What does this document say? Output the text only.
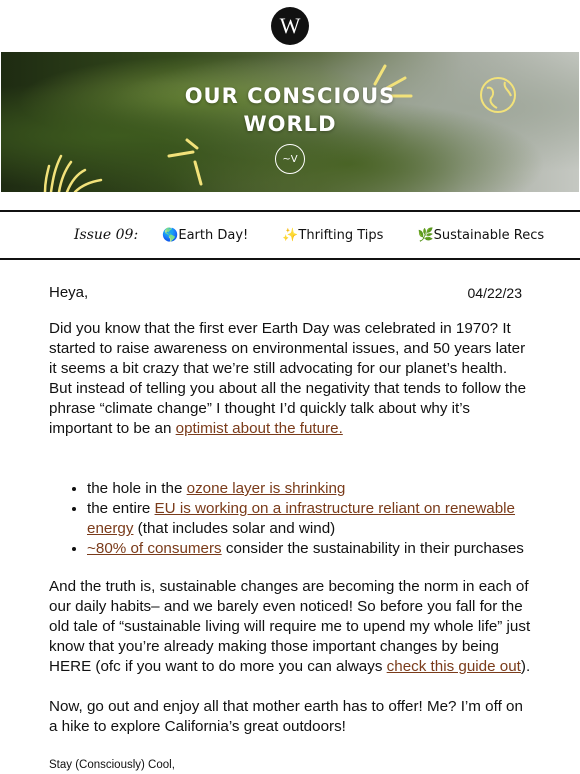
W
OUR CONSCIOUS
WORLD
~V
Issue 09: 🌎Earth Day!	✨Thrifting Tips	🌿Sustainable Recs
Heya,	04/22/23

Did you know that the first ever Earth Day was celebrated in 1970? It started to raise awareness on environmental issues, and 50 years later it seems a bit crazy that we’re still advocating for our planet’s health. But instead of telling you about all the negativity that tends to follow the phrase “climate change” I thought I’d quickly talk about why it’s important to be an optimist about the future.

• the hole in the ozone layer is shrinking
• the entire EU is working on a infrastructure reliant on renewable energy (that includes solar and wind)
• ~80% of consumers consider the sustainability in their purchases

And the truth is, sustainable changes are becoming the norm in each of our daily habits– and we barely even noticed! So before you fall for the old tale of “sustainable living will require me to upend my whole life” just know that you’re already making those important changes by being HERE (ofc if you want to do more you can always check this guide out).

Now, go out and enjoy all that mother earth has to offer! Me? I’m off on a hike to explore California’s great outdoors!

Stay (Consciously) Cool,
